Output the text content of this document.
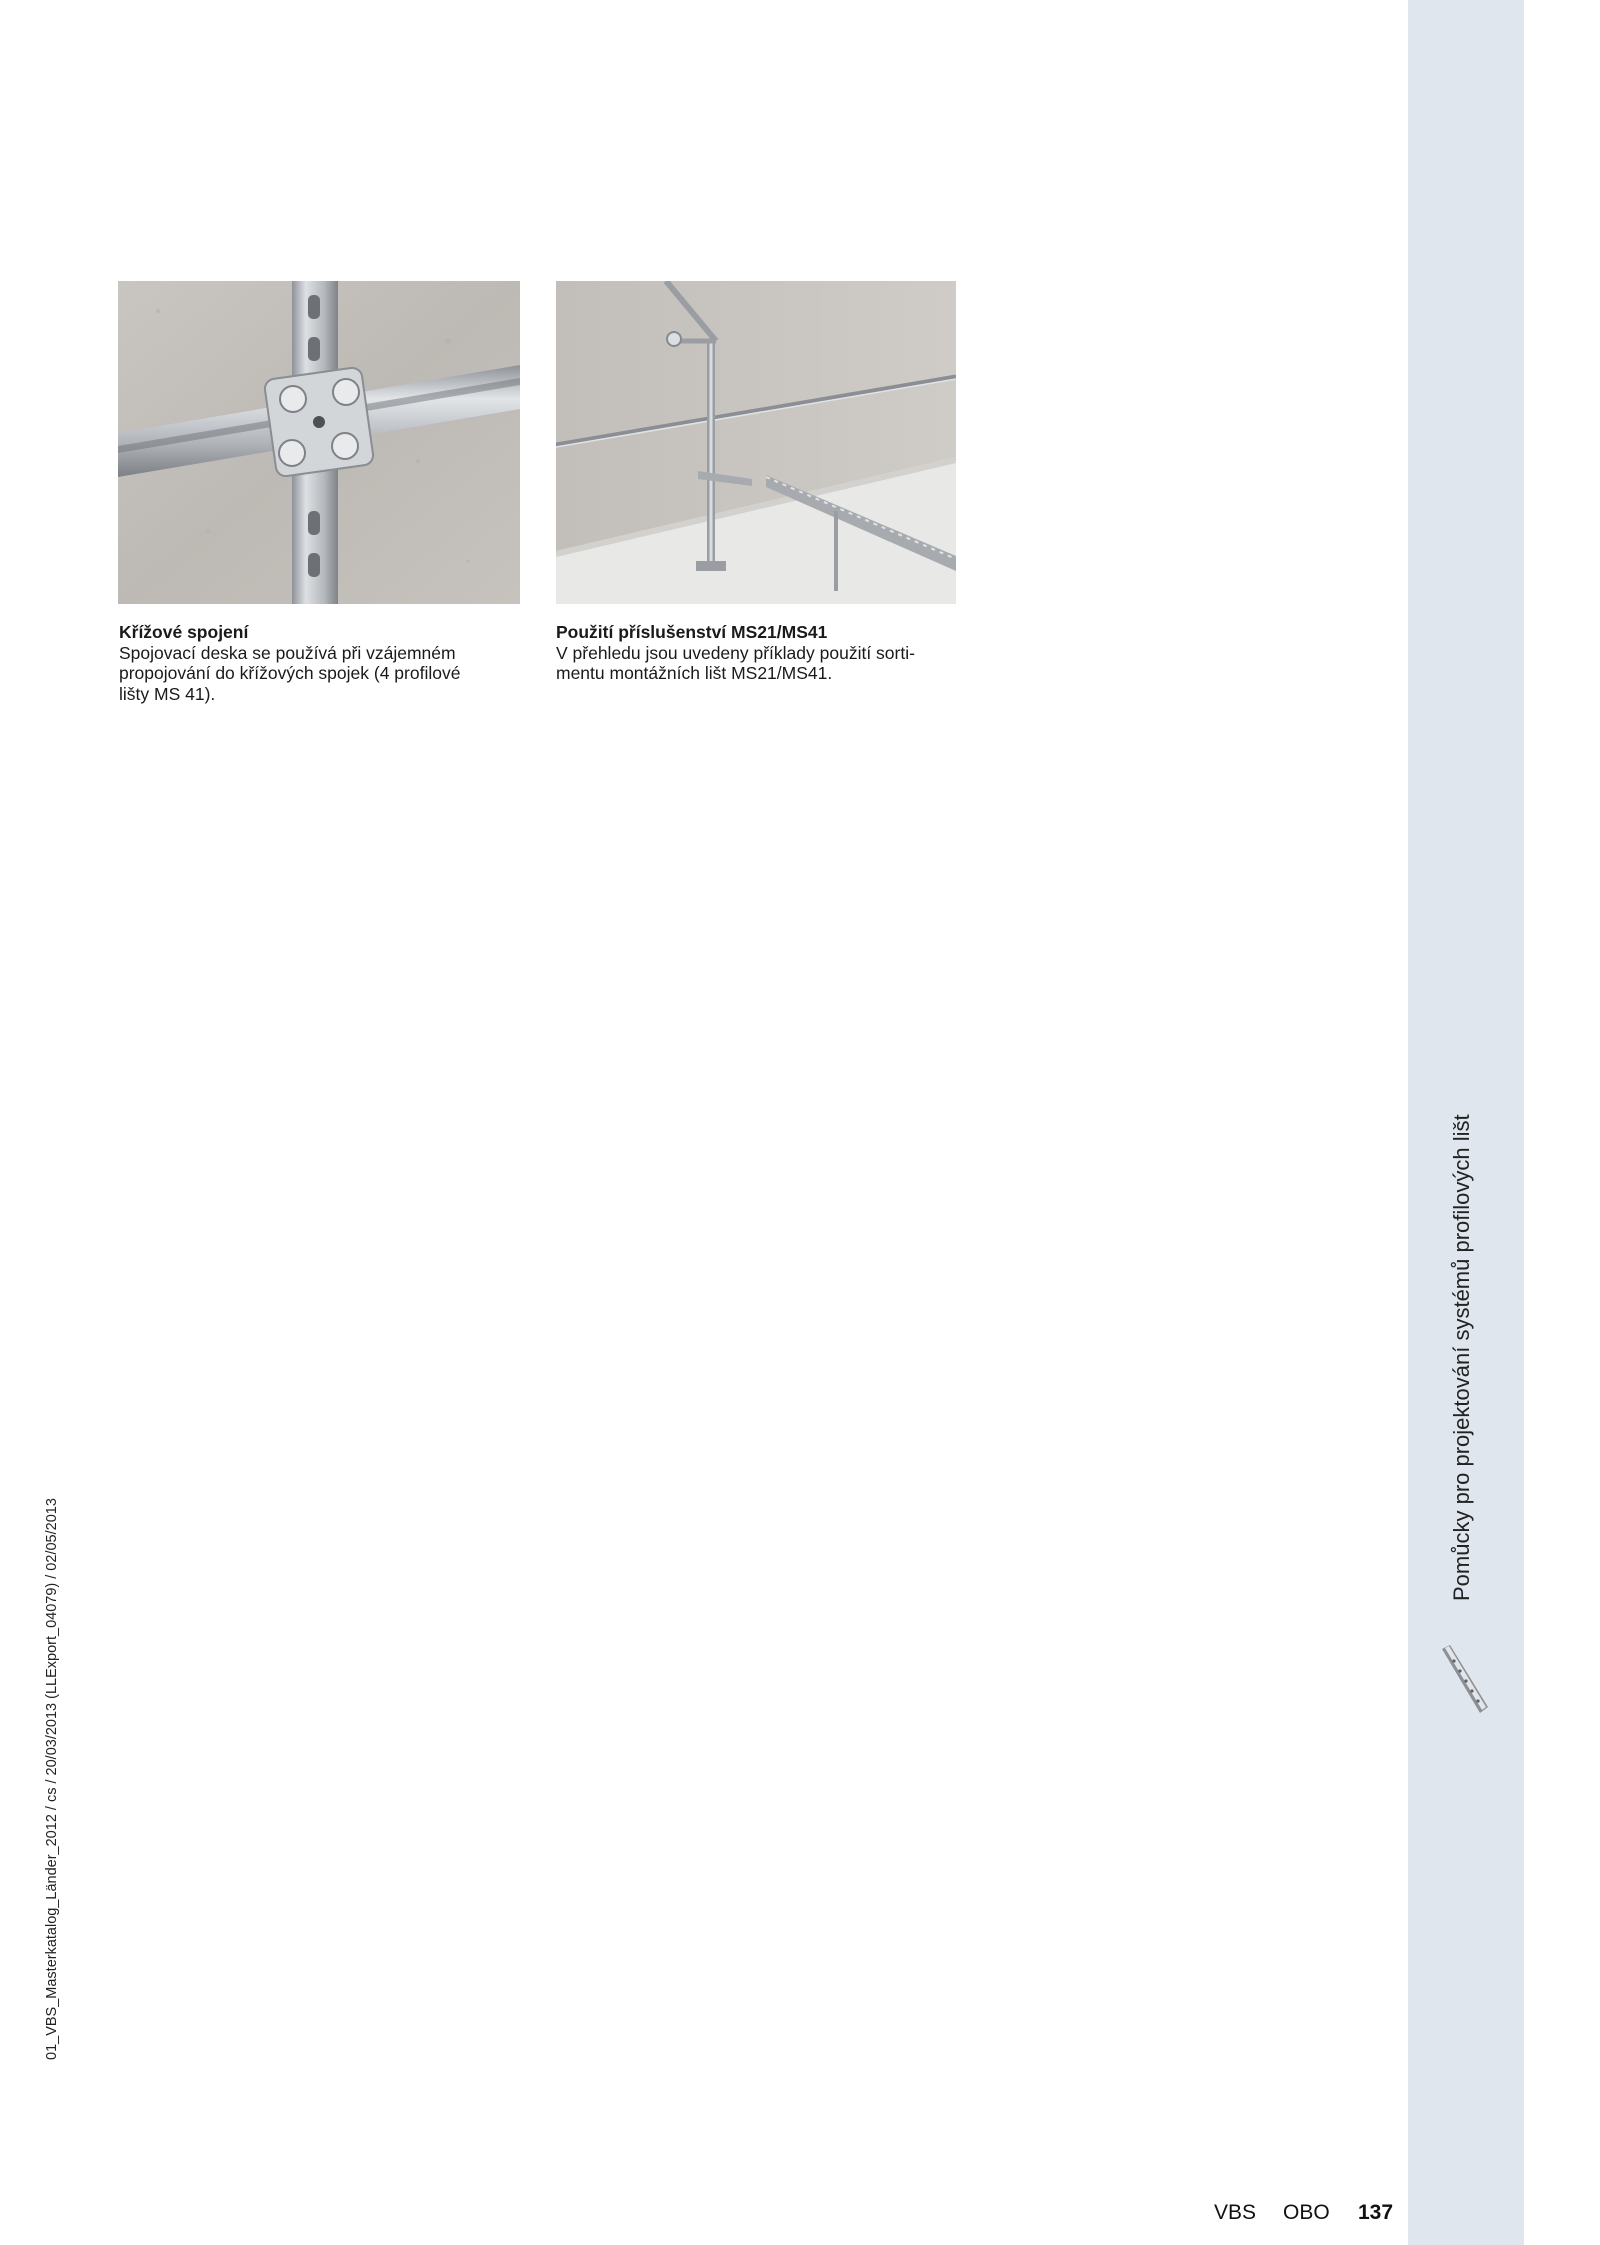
Křížové spojení
Spojovací deska se používá při vzájemném
propojování do křížových spojek (4 profilové
lišty MS 41).
Použití příslušenství MS21/MS41
V přehledu jsou uvedeny příklady použití sorti-
mentu montážních lišt MS21/MS41.
Pomůcky pro projektování systémů profilových lišt
01_VBS_Masterkatalog_Länder_2012 / cs / 20/03/2013 (LLExport_04079) / 02/05/2013
VBS OBO 137
